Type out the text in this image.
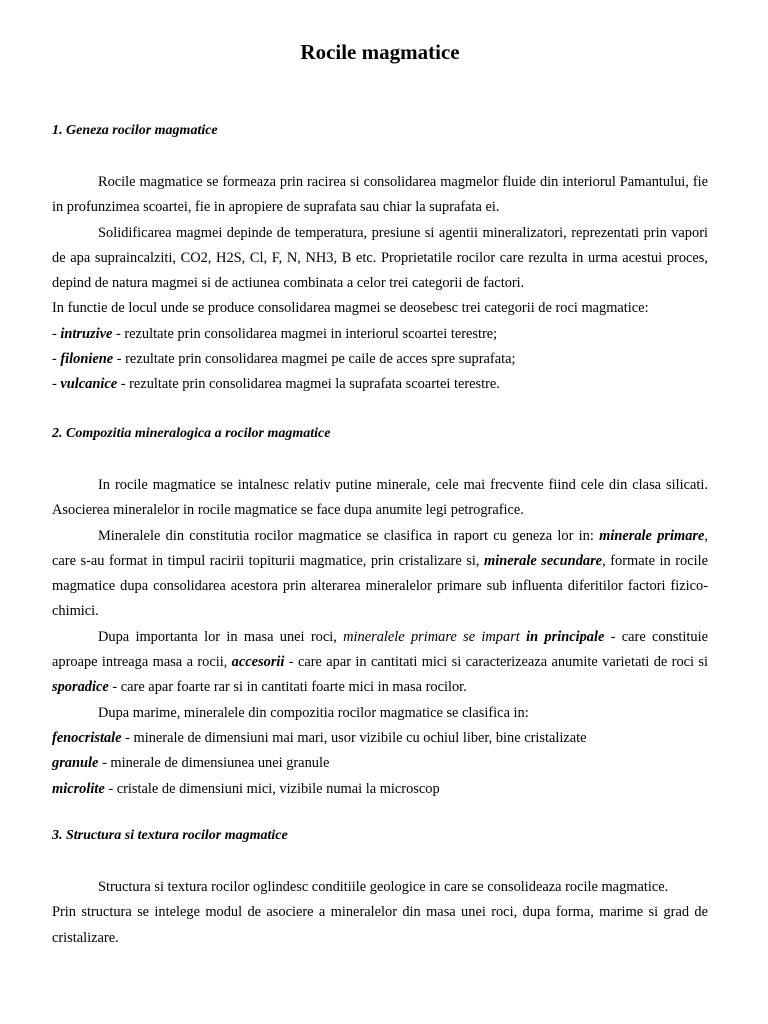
Rocile magmatice
1. Geneza rocilor magmatice

Rocile magmatice se formeaza prin racirea si consolidarea magmelor fluide din interiorul Pamantului, fie in profunzimea scoartei, fie in apropiere de suprafata sau chiar la suprafata ei.

Solidificarea magmei depinde de temperatura, presiune si agentii mineralizatori, reprezentati prin vapori de apa supraincalziti, CO2, H2S, Cl, F, N, NH3, B etc. Proprietatile rocilor care rezulta in urma acestui proces, depind de natura magmei si de actiunea combinata a celor trei categorii de factori.

In functie de locul unde se produce consolidarea magmei se deosebesc trei categorii de roci magmatice:

- intruzive - rezultate prin consolidarea magmei in interiorul scoartei terestre;

- filoniene - rezultate prin consolidarea magmei pe caile de acces spre suprafata;

- vulcanice - rezultate prin consolidarea magmei la suprafata scoartei terestre.

2. Compozitia mineralogica a rocilor magmatice

In rocile magmatice se intalnesc relativ putine minerale, cele mai frecvente fiind cele din clasa silicati. Asocierea mineralelor in rocile magmatice se face dupa anumite legi petrografice.

Mineralele din constitutia rocilor magmatice se clasifica in raport cu geneza lor in: minerale primare, care s-au format in timpul racirii topiturii magmatice, prin cristalizare si, minerale secundare, formate in rocile magmatice dupa consolidarea acestora prin alterarea mineralelor primare sub influenta diferitilor factori fizico-chimici.

Dupa importanta lor in masa unei roci, mineralele primare se impart in principale - care constituie aproape intreaga masa a rocii, accesorii - care apar in cantitati mici si caracterizeaza anumite varietati de roci si sporadice - care apar foarte rar si in cantitati foarte mici in masa rocilor.

Dupa marime, mineralele din compozitia rocilor magmatice se clasifica in:

fenocristale - minerale de dimensiuni mai mari, usor vizibile cu ochiul liber, bine cristalizate

granule - minerale de dimensiunea unei granule

microlite - cristale de dimensiuni mici, vizibile numai la microscop

3. Structura si textura rocilor magmatice

Structura si textura rocilor oglindesc conditiile geologice in care se consolideaza rocile magmatice.

Prin structura se intelege modul de asociere a mineralelor din masa unei roci, dupa forma, marime si grad de cristalizare.
